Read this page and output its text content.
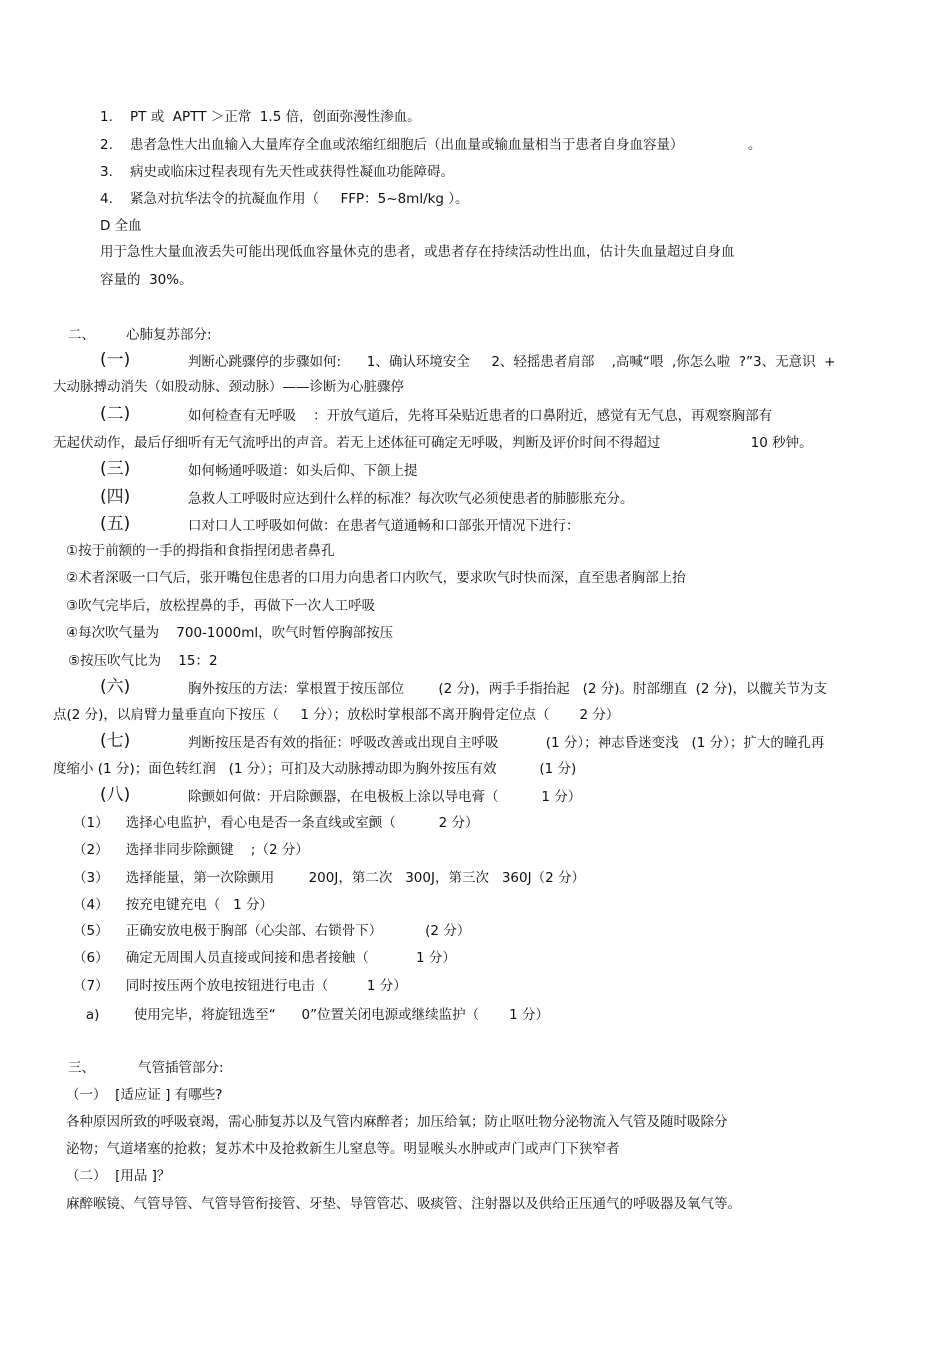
1.    PT 或  APTT ＞正常  1.5 倍，创面弥漫性渗血。
2.    患者急性大出血输入大量库存全血或浓缩红细胞后（出血量或输血量相当于患者自身血容量）               。
3.    病史或临床过程表现有先天性或获得性凝血功能障碍。
4.    紧急对抗华法令的抗凝血作用（     FFP：5~8ml/kg ）。
D 全血
用于急性大量血液丢失可能出现低血容量休克的患者，或患者存在持续活动性出血，估计失血量超过自身血
容量的  30%。
二、 心肺复苏部分:
(一)	判断心跳骤停的步骤如何:      1、确认环境安全     2、轻摇患者肩部    ,高喊“喂  ,你怎么啦  ?”3、无意识  +
大动脉搏动消失（如股动脉、颈动脉）——诊断为心脏骤停
(二)	如何检查有无呼吸    ：开放气道后，先将耳朵贴近患者的口鼻附近，感觉有无气息，再观察胸部有
无起伏动作，最后仔细听有无气流呼出的声音。若无上述体征可确定无呼吸，判断及评价时间不得超过                     10 秒钟。
(三)	如何畅通呼吸道：如头后仰、下颌上提
(四)	急救人工呼吸时应达到什么样的标准？每次吹气必须使患者的肺膨胀充分。
(五)	口对口人工呼吸如何做：在患者气道通畅和口部张开情况下进行：
①按于前额的一手的拇指和食指捏闭患者鼻孔
②术者深吸一口气后，张开嘴包住患者的口用力向患者口内吹气，要求吹气时快而深，直至患者胸部上抬
③吹气完毕后，放松捏鼻的手，再做下一次人工呼吸
④每次吹气量为    700-1000ml，吹气时暂停胸部按压
⑤按压吹气比为    15：2
(六)	胸外按压的方法：掌根置于按压部位        (2 分)，两手手指抬起   (2 分)。肘部绷直  (2 分)，以髋关节为支
点(2 分)，以肩臂力量垂直向下按压（     1 分）；放松时掌根部不离开胸骨定位点（       2 分）
(七)	判断按压是否有效的指征：呼吸改善或出现自主呼吸           (1 分）；神志昏迷变浅   (1 分）；扩大的瞳孔再
度缩小 (1 分)；面色转红润   (1 分）；可扪及大动脉搏动即为胸外按压有效          (1 分)
(八)	除颤如何做：开启除颤器，在电极板上涂以导电膏（          1 分）
（1）    选择心电监护，看心电是否一条直线或室颤（          2 分）
（2）    选择非同步除颤键    ;（2 分）
（3）    选择能量，第一次除颤用        200J，第二次   300J，第三次   360J（2 分）
（4）    按充电键充电（   1 分）
（5）    正确安放电极于胸部（心尖部、右锁骨下）          (2 分）
（6）    确定无周围人员直接或间接和患者接触（           1 分）
（7）    同时按压两个放电按钮进行电击（         1 分）
a)        使用完毕，将旋钮选至“      0”位置关闭电源或继续监护（       1 分）
三、	气管插管部分:
（一）  [适应证 ] 有哪些?
各种原因所致的呼吸衰竭，需心肺复苏以及气管内麻醉者；加压给氧；防止呕吐物分泌物流入气管及随时吸除分
泌物；气道堵塞的抢救；复苏术中及抢救新生儿窒息等。明显喉头水肿或声门或声门下狭窄者
（二）  [用品 ]？
麻醉喉镜、气管导管、气管导管衔接管、牙垫、导管管芯、吸痰管、注射器以及供给正压通气的呼吸器及氧气等。
